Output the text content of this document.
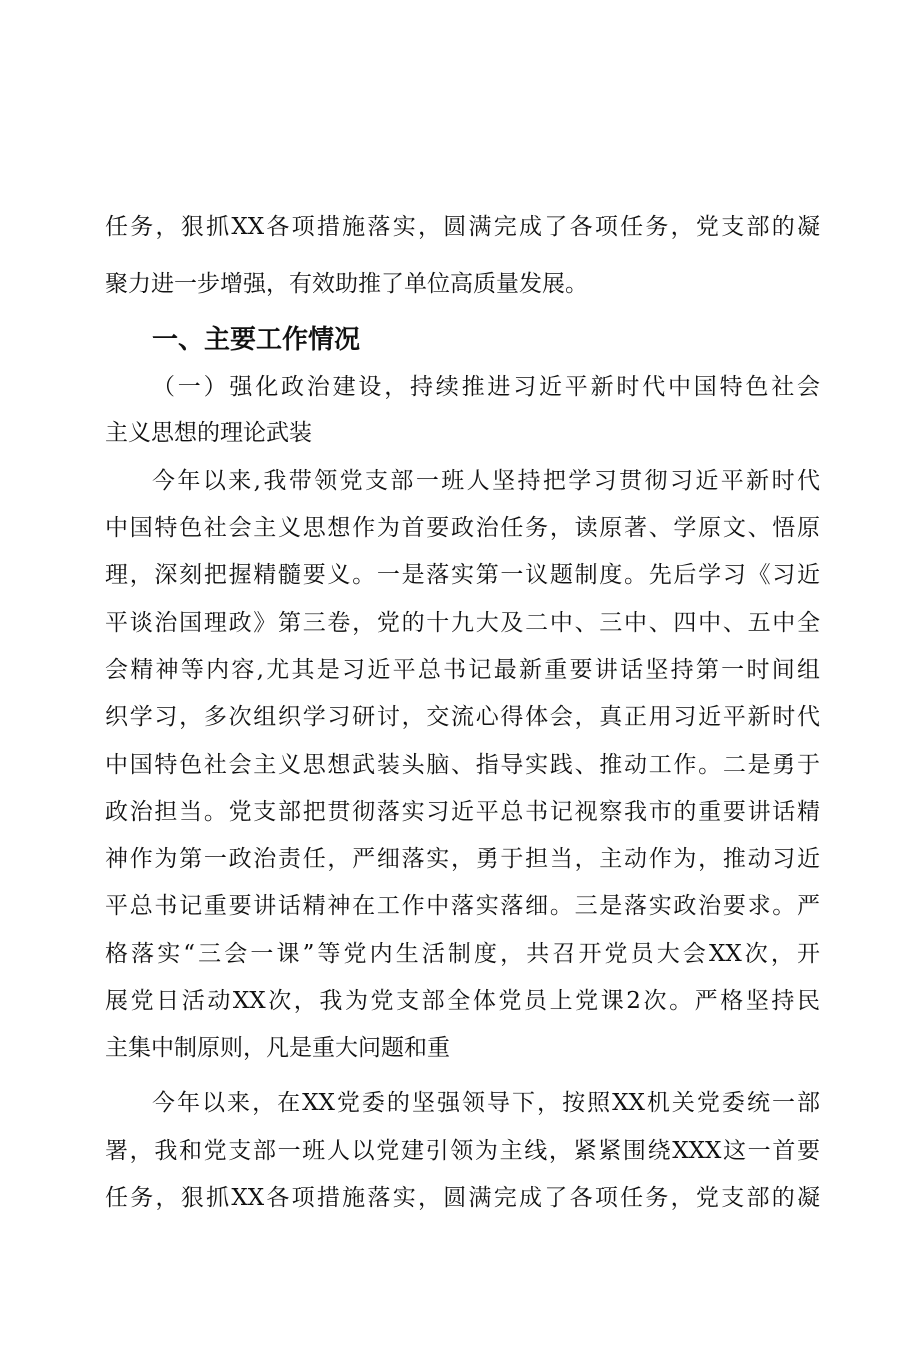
任务，狠抓XX各项措施落实，圆满完成了各项任务，党支部的凝
聚力进一步增强，有效助推了单位高质量发展。
一、主要工作情况
（一）强化政治建设，持续推进习近平新时代中国特色社会
主义思想的理论武装
今年以来,我带领党支部一班人坚持把学习贯彻习近平新时代
中国特色社会主义思想作为首要政治任务，读原著、学原文、悟原
理，深刻把握精髓要义。一是落实第一议题制度。先后学习《习近
平谈治国理政》第三卷，党的十九大及二中、三中、四中、五中全
会精神等内容,尤其是习近平总书记最新重要讲话坚持第一时间组
织学习，多次组织学习研讨，交流心得体会，真正用习近平新时代
中国特色社会主义思想武装头脑、指导实践、推动工作。二是勇于
政治担当。党支部把贯彻落实习近平总书记视察我市的重要讲话精
神作为第一政治责任，严细落实，勇于担当，主动作为，推动习近
平总书记重要讲话精神在工作中落实落细。三是落实政治要求。严
格落实“三会一课”等党内生活制度，共召开党员大会XX次，开
展党日活动XX次，我为党支部全体党员上党课2次。严格坚持民
主集中制原则，凡是重大问题和重
今年以来，在XX党委的坚强领导下，按照XX机关党委统一部
署，我和党支部一班人以党建引领为主线，紧紧围绕XXX这一首要
任务，狠抓XX各项措施落实，圆满完成了各项任务，党支部的凝
